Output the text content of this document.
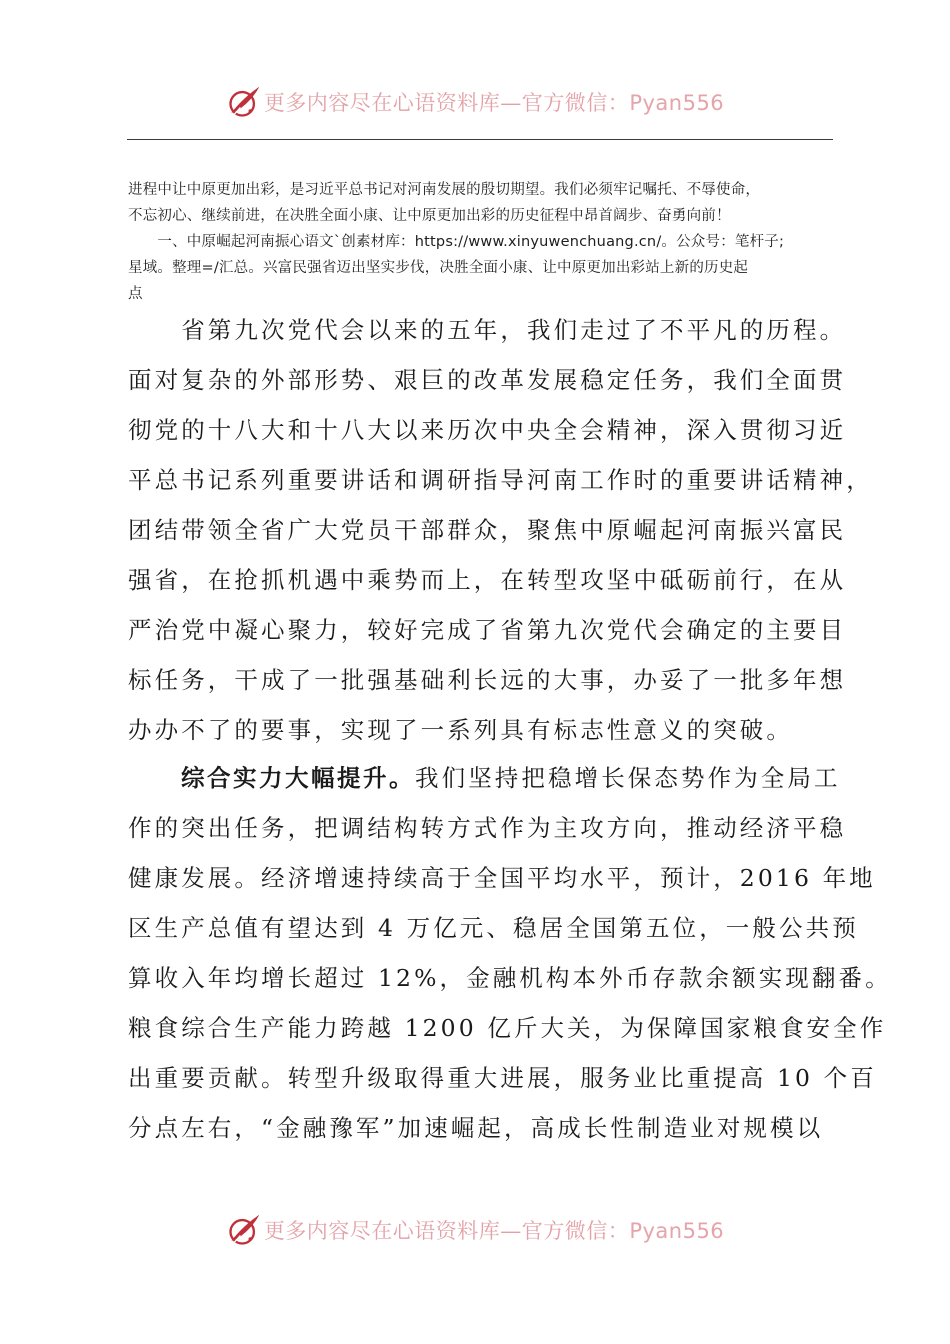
更多内容尽在心语资料库—官方微信：Pyan556
进程中让中原更加出彩，是习近平总书记对河南发展的殷切期望。我们必须牢记嘱托、不辱使命，
不忘初心、继续前进，在决胜全面小康、让中原更加出彩的历史征程中昂首阔步、奋勇向前！
　　一、中原崛起河南振心语文`创素材库：https://www.xinyuwenchuang.cn/。公众号：笔杆子;
星域。整理=/汇总。兴富民强省迈出坚实步伐，决胜全面小康、让中原更加出彩站上新的历史起
点
　　省第九次党代会以来的五年，我们走过了不平凡的历程。
面对复杂的外部形势、艰巨的改革发展稳定任务，我们全面贯
彻党的十八大和十八大以来历次中央全会精神，深入贯彻习近
平总书记系列重要讲话和调研指导河南工作时的重要讲话精神，
团结带领全省广大党员干部群众，聚焦中原崛起河南振兴富民
强省，在抢抓机遇中乘势而上，在转型攻坚中砥砺前行，在从
严治党中凝心聚力，较好完成了省第九次党代会确定的主要目
标任务，干成了一批强基础利长远的大事，办妥了一批多年想
办办不了的要事，实现了一系列具有标志性意义的突破。
综合实力大幅提升。我们坚持把稳增长保态势作为全局工
作的突出任务，把调结构转方式作为主攻方向，推动经济平稳
健康发展。经济增速持续高于全国平均水平，预计，2016 年地
区生产总值有望达到 4 万亿元、稳居全国第五位，一般公共预
算收入年均增长超过 12%，金融机构本外币存款余额实现翻番。
粮食综合生产能力跨越 1200 亿斤大关，为保障国家粮食安全作
出重要贡献。转型升级取得重大进展，服务业比重提高 10 个百
分点左右，“金融豫军”加速崛起，高成长性制造业对规模以
更多内容尽在心语资料库—官方微信：Pyan556
